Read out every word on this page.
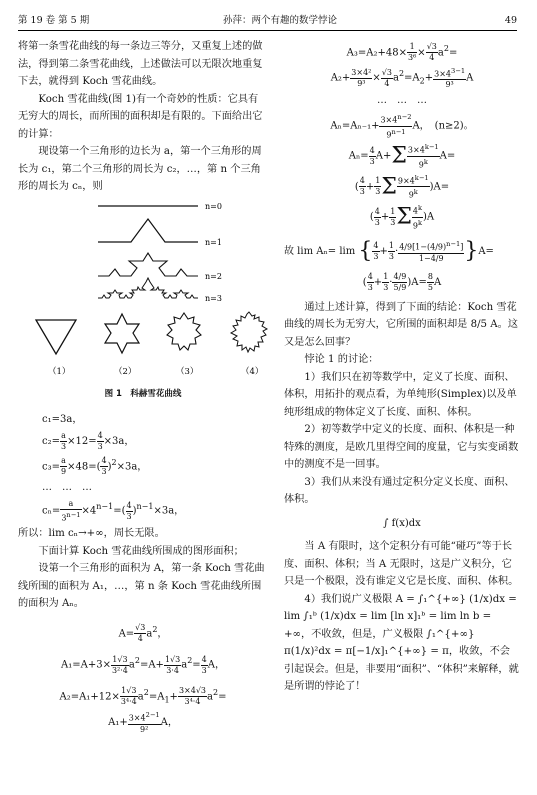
第 19 卷 第 5 期	孙萍：两个有趣的数学悖论	49

将第一条雪花曲线的每一条边三等分，又重复上述的做法，得到第二条雪花曲线，上述做法可以无限次地重复下去，就得到 Koch 雪花曲线。

Koch 雪花曲线(图 1)有一个奇妙的性质：它具有无穷大的周长，而所围的面积却是有限的。下面给出它的计算：

现设第一个三角形的边长为 a，第一个三角形的周长为 c₁，第二个三角形的周长为 c₂，…，第 n 个三角形的周长为 cₙ，则

n=0
n=1
n=2
n=3
（1）	（2）	（3）	（4）
图 1　科赫雪花曲线
c₁=3a，
$c_2= \frac{a}{3} \times 12= \frac{4}{3} \times 3a$，
$c_3= \frac{a}{9} \times 48=( \frac{4}{3} )^2\times 3a$，
…　…　…
$c_n= \frac{a}{3^{n-1}} \times 4^{n-1}=( \frac{4}{3} )^{n-1}\times 3a$，

所以：lim cₙ→+∞，周长无限。

下面计算 Koch 雪花曲线所围成的图形面积；

设第一个三角形的面积为 A，第一条 Koch 雪花曲线所围的面积为 A₁，…，第 n 条 Koch 雪花曲线所围的面积为 Aₙ。

$A= \frac{√3}{4} a^2$，
$A_1=A+3\times \frac{1√3}{\text{3²·4}} a^2=A+ \frac{1√3}{3\cdot 4} a^2= \frac{4}{3}$ A，
$A_2=A_1+12\times \frac{1√3}{\text{3⁴·4}} a^2=A_1+ \frac{3\times 4√3}{\text{3⁴·4}} a^2=$
$A_1+ \frac{3\times 4^{2-1}}{\text{9²}}$ A，
$A_3=A_2+48\times \frac{1}{\text{3⁶}} \times \frac{√3}{4} a^2=$
$A_2+ \frac{\text{3×4²}}{\text{9³}} \times \frac{√3}{4} a^2=A_2+ \frac{3\times 4^{3-1}}{\text{9³}}$ A
…　…　…
$A_n=A_{n-1}+ \frac{3\times 4^{n-2}}{9^{n-1}}$ A，　(n≥2)。
$A_n= \frac{4}{3} A+\Sigma \frac{3\times 4^{k-1}}{9^k} A=$
( $\frac{4}{3} + \frac{1}{3}$ Σ $\frac{9\times 4^{k-1}}{9^k} )A=$
( $\frac{4}{3} + \frac{1}{3}$ Σ $\frac{4^k}{9^k} )A$
故 lim Aₙ= lim { $\frac{4}{3} + \frac{1}{3} \cdot \frac{4/9[1-(4/9)^{n-1}]}{1-4/9} \}A=$
( $\frac{4}{3} + \frac{1}{3} \cdot \frac{4/9}{5/9} )A= \frac{8}{5}$ A

通过上述计算，得到了下面的结论：Koch 雪花曲线的周长为无穷大，它所围的面积却是 8/5 A。这又是怎么回事？

悖论 1 的讨论：

1）我们只在初等数学中，定义了长度、面积、体积，用拓扑的观点看，为单纯形(Simplex)以及单纯形组成的物体定义了长度、面积、体积。

2）初等数学中定义的长度、面积、体积是一种特殊的测度，是欧几里得空间的度量，它与实变函数中的测度不是一回事。

3）我们从来没有通过定积分定义长度、面积、体积。

∫ f(x)dx

当 A 有限时，这个定积分有可能“碰巧”等于长度、面积、体积；当 A 无限时，这是广义积分，它只是一个极限，没有谁定义它是长度、面积、体积。

4）我们说广义极限 A = ∫₁^{+∞} (1/x)dx =

lim ∫₁ᵇ (1/x)dx = lim [ln x]₁ᵇ = lim ln b = +∞，不收敛，但是，广义极限 ∫₁^{+∞} π(1/x)²dx = π[−1/x]₁^{+∞} = π，收敛，不会引起误会。但是，非要用“面积”、“体积”来解释，就是所谓的悖论了！
